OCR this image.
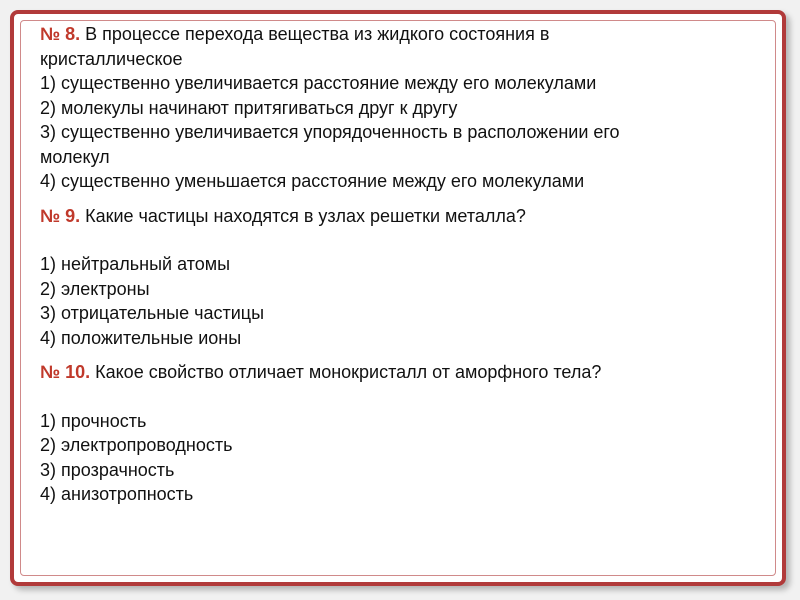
№ 8. В процессе перехода вещества из жидкого состояния в
кристаллическое
1) существенно увеличивается расстояние между его молекулами
2) молекулы начинают притягиваться друг к другу
3) существенно увеличивается упорядоченность в расположении его
молекул
4) существенно уменьшается расстояние между его молекулами
№ 9. Какие частицы находятся в узлах решетки металла?
1) нейтральный атомы
2) электроны
3) отрицательные частицы
4) положительные ионы
№ 10. Какое свойство отличает монокристалл от аморфного тела?
1) прочность
2) электропроводность
3) прозрачность
4) анизотропность
